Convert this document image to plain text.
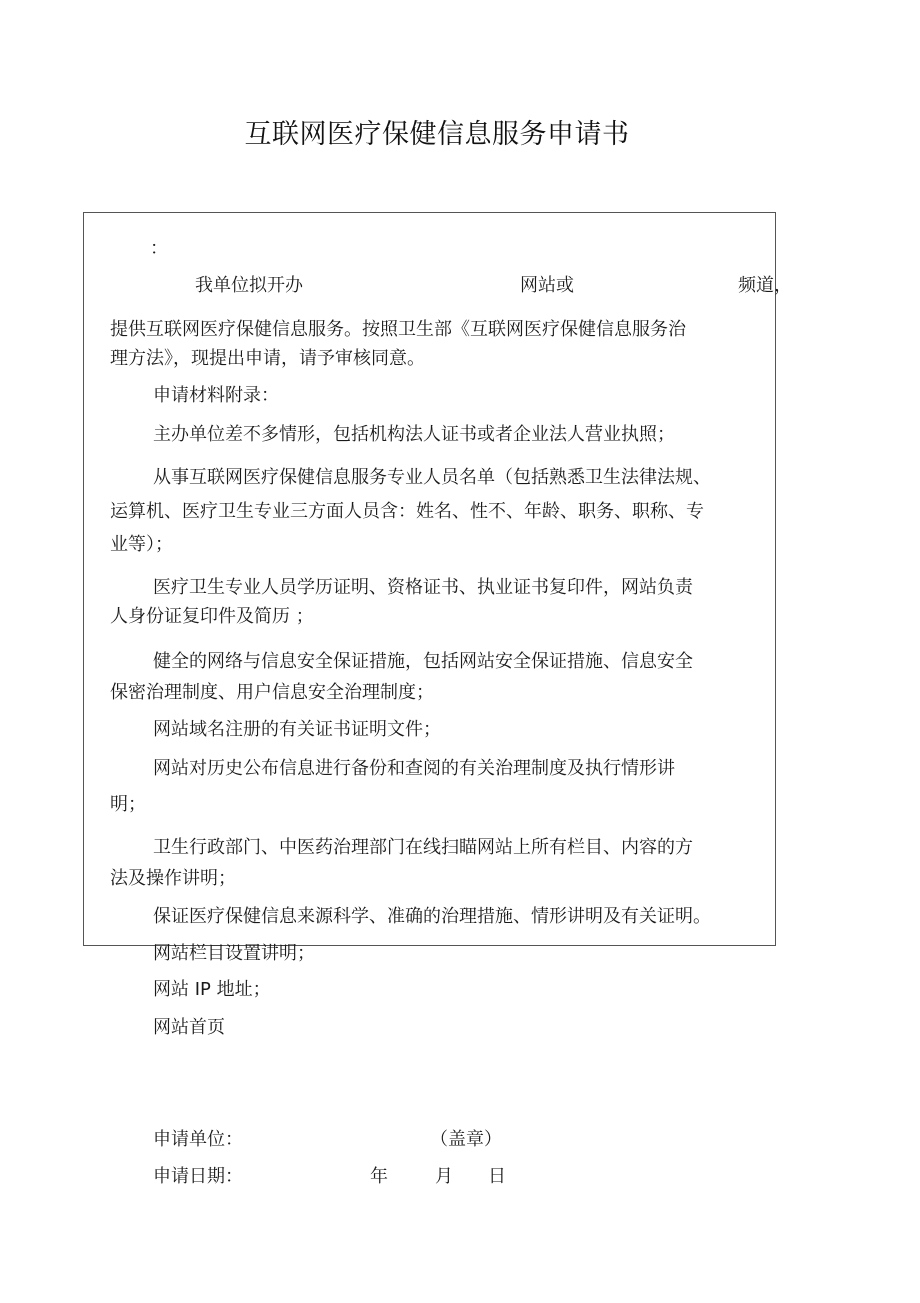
互联网医疗保健信息服务申请书
：
我单位拟开办	网站或	频道，
提供互联网医疗保健信息服务。按照卫生部《互联网医疗保健信息服务治
理方法》，现提出申请，请予审核同意。
申请材料附录：
主办单位差不多情形，包括机构法人证书或者企业法人营业执照；
从事互联网医疗保健信息服务专业人员名单（包括熟悉卫生法律法规、
运算机、医疗卫生专业三方面人员含：姓名、性不、年龄、职务、职称、专
业等）；
医疗卫生专业人员学历证明、资格证书、执业证书复印件，网站负责
人身份证复印件及简历 ；
健全的网络与信息安全保证措施，包括网站安全保证措施、信息安全
保密治理制度、用户信息安全治理制度；
网站域名注册的有关证书证明文件；
网站对历史公布信息进行备份和查阅的有关治理制度及执行情形讲
明；
卫生行政部门、中医药治理部门在线扫瞄网站上所有栏目、内容的方
法及操作讲明；
保证医疗保健信息来源科学、准确的治理措施、情形讲明及有关证明。
网站栏目设置讲明；
网站 IP 地址；
网站首页
申请单位：	（盖章）
申请日期：	年	月 日
